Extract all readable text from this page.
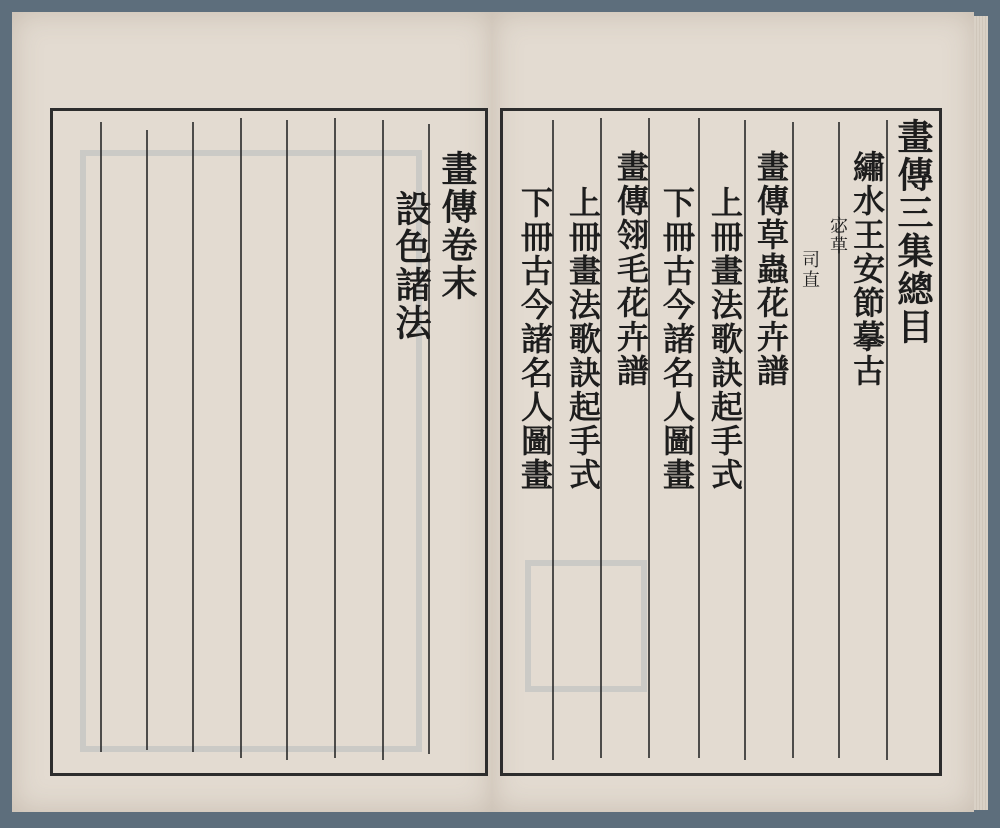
畫傳卷末
設色諸法	畫傳三集總目
繡水王安節摹古
宓草
司直
畫傳草蟲花卉譜
上冊畫法歌訣起手式
下冊古今諸名人圖畫
畫傳翎毛花卉譜
上冊畫法歌訣起手式
下冊古今諸名人圖畫
